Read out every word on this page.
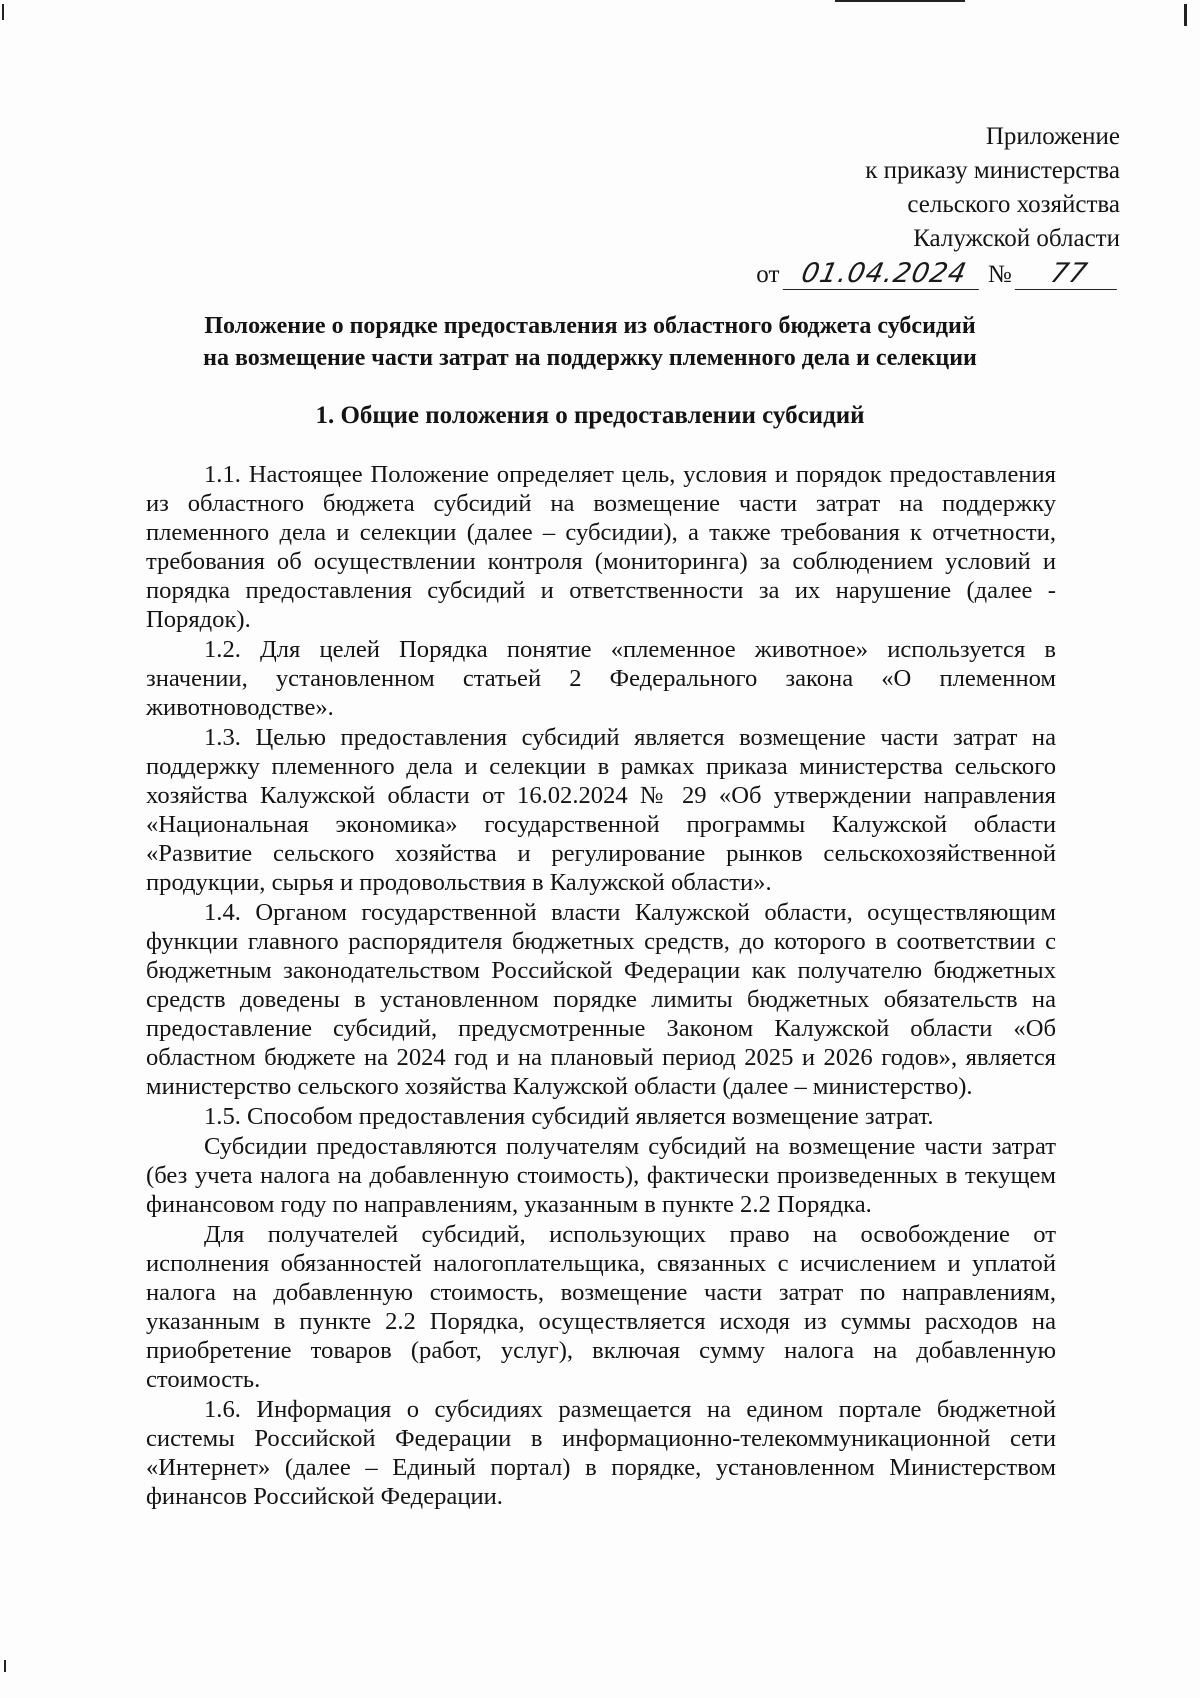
Приложение
к приказу министерства
сельского хозяйства
Калужской области
от 01.04.2024 № 77
Положение о порядке предоставления из областного бюджета субсидий
на возмещение части затрат на поддержку племенного дела и селекции
1. Общие положения о предоставлении субсидий

1.1. Настоящее Положение определяет цель, условия и порядок предоставления из областного бюджета субсидий на возмещение части затрат на поддержку племенного дела и селекции (далее – субсидии), а также требования к отчетности, требования об осуществлении контроля (мониторинга) за соблюдением условий и порядка предоставления субсидий и ответственности за их нарушение (далее - Порядок).

1.2. Для целей Порядка понятие «племенное животное» используется в значении, установленном статьей 2 Федерального закона «О племенном животноводстве».

1.3. Целью предоставления субсидий является возмещение части затрат на поддержку племенного дела и селекции в рамках приказа министерства сельского хозяйства Калужской области от 16.02.2024 № 29 «Об утверждении направления «Национальная экономика» государственной программы Калужской области «Развитие сельского хозяйства и регулирование рынков сельскохозяйственной продукции, сырья и продовольствия в Калужской области».

1.4. Органом государственной власти Калужской области, осуществляющим функции главного распорядителя бюджетных средств, до которого в соответствии с бюджетным законодательством Российской Федерации как получателю бюджетных средств доведены в установленном порядке лимиты бюджетных обязательств на предоставление субсидий, предусмотренные Законом Калужской области «Об областном бюджете на 2024 год и на плановый период 2025 и 2026 годов», является министерство сельского хозяйства Калужской области (далее – министерство).

1.5. Способом предоставления субсидий является возмещение затрат.

Субсидии предоставляются получателям субсидий на возмещение части затрат (без учета налога на добавленную стоимость), фактически произведенных в текущем финансовом году по направлениям, указанным в пункте 2.2 Порядка.

Для получателей субсидий, использующих право на освобождение от исполнения обязанностей налогоплательщика, связанных с исчислением и уплатой налога на добавленную стоимость, возмещение части затрат по направлениям, указанным в пункте 2.2 Порядка, осуществляется исходя из суммы расходов на приобретение товаров (работ, услуг), включая сумму налога на добавленную стоимость.

1.6. Информация о субсидиях размещается на едином портале бюджетной системы Российской Федерации в информационно-телекоммуникационной сети «Интернет» (далее – Единый портал) в порядке, установленном Министерством финансов Российской Федерации.
